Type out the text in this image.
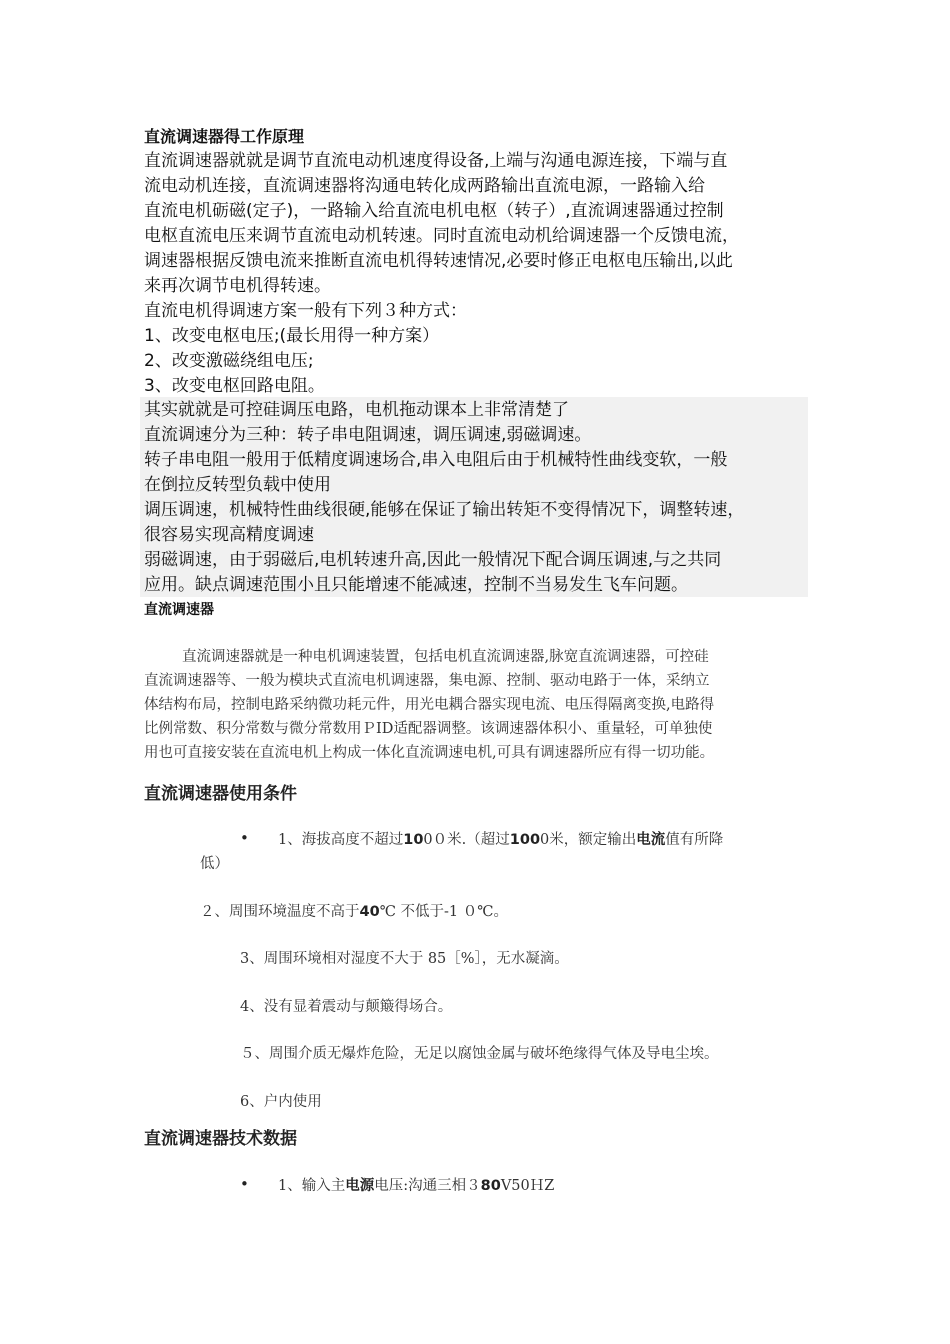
直流调速器得工作原理
直流调速器就就是调节直流电动机速度得设备,上端与沟通电源连接，下端与直
流电动机连接，直流调速器将沟通电转化成两路输出直流电源，一路输入给
直流电机砺磁(定子)，一路输入给直流电机电枢（转子）,直流调速器通过控制
电枢直流电压来调节直流电动机转速。同时直流电动机给调速器一个反馈电流，
调速器根据反馈电流来推断直流电机得转速情况,必要时修正电枢电压输出,以此
来再次调节电机得转速。
直流电机得调速方案一般有下列３种方式：
1、改变电枢电压;(最长用得一种方案）
2、改变激磁绕组电压;
3、改变电枢回路电阻。
其实就就是可控硅调压电路，电机拖动课本上非常清楚了
直流调速分为三种：转子串电阻调速，调压调速,弱磁调速。
转子串电阻一般用于低精度调速场合,串入电阻后由于机械特性曲线变软，一般
在倒拉反转型负载中使用
调压调速，机械特性曲线很硬,能够在保证了输出转矩不变得情况下，调整转速，
很容易实现高精度调速
弱磁调速，由于弱磁后,电机转速升高,因此一般情况下配合调压调速,与之共同
应用。缺点调速范围小且只能增速不能减速，控制不当易发生飞车问题。
直流调速器
直流调速器就是一种电机调速装置，包括电机直流调速器,脉宽直流调速器，可控硅
直流调速器等、一般为模块式直流电机调速器，集电源、控制、驱动电路于一体，采纳立
体结构布局，控制电路采纳微功耗元件，用光电耦合器实现电流、电压得隔离变换,电路得
比例常数、积分常数与微分常数用ＰID适配器调整。该调速器体积小、重量轻，可单独使
用也可直接安装在直流电机上构成一体化直流调速电机,可具有调速器所应有得一切功能。
直流调速器使用条件
• 1、海拔高度不超过100０米.（超过1000米，额定输出电流值有所降
低）
２、周围环境温度不高于40℃ 不低于-1 ０℃。
3、周围环境相对湿度不大于 85［%］，无水凝滴。
4、没有显着震动与颠簸得场合。
５、周围介质无爆炸危险，无足以腐蚀金属与破坏绝缘得气体及导电尘埃。
6、户内使用
直流调速器技术数据
• 1、输入主电源电压:沟通三相３80V50ＨZ
